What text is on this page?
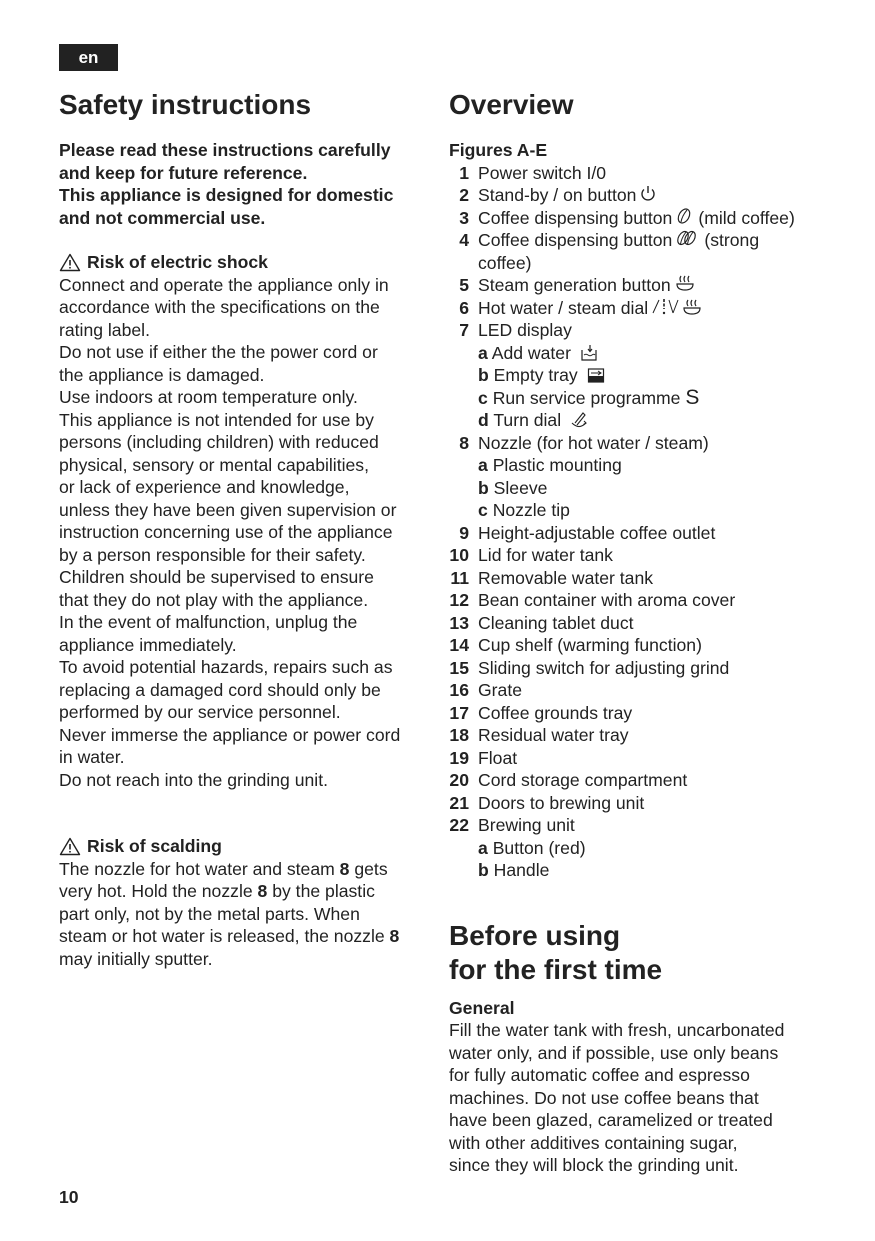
en
Safety instructions
Please read these instructions carefully
and keep for future reference.
This appliance is designed for domestic
and not commercial use.
Risk of electric shock
Connect and operate the appliance only in
accordance with the specifications on the
rating label.
Do not use if either the the power cord or
the appliance is damaged.
Use indoors at room temperature only.
This appliance is not intended for use by
persons (including children) with reduced
physical, sensory or mental capabilities,
or lack of experience and knowledge,
unless they have been given supervision or
instruction concerning use of the appliance
by a person responsible for their safety.
Children should be supervised to ensure
that they do not play with the appliance.
In the event of malfunction, unplug the
appliance immediately.
To avoid potential hazards, repairs such as
replacing a damaged cord should only be
performed by our service personnel.
Never immerse the appliance or power cord
in water.
Do not reach into the grinding unit.
Risk of scalding
The nozzle for hot water and steam 8 gets
very hot. Hold the nozzle 8 by the plastic
part only, not by the metal parts. When
steam or hot water is released, the nozzle 8
may initially sputter.
Overview
Figures A-E
1 Power switch I/0
2 Stand-by / on button
3 Coffee dispensing button (mild coffee)
4 Coffee dispensing button (strong
coffee)
5 Steam generation button
6 Hot water / steam dial
7 LED display
a Add water
b Empty tray
c Run service programme S
d Turn dial
8 Nozzle (for hot water / steam)
a Plastic mounting
b Sleeve
c Nozzle tip
9 Height-adjustable coffee outlet
10 Lid for water tank
11 Removable water tank
12 Bean container with aroma cover
13 Cleaning tablet duct
14 Cup shelf (warming function)
15 Sliding switch for adjusting grind
16 Grate
17 Coffee grounds tray
18 Residual water tray
19 Float
20 Cord storage compartment
21 Doors to brewing unit
22 Brewing unit
a Button (red)
b Handle
Before using
for the first time
General
Fill the water tank with fresh, uncarbonated
water only, and if possible, use only beans
for fully automatic coffee and espresso
machines. Do not use coffee beans that
have been glazed, caramelized or treated
with other additives containing sugar,
since they will block the grinding unit.
10
